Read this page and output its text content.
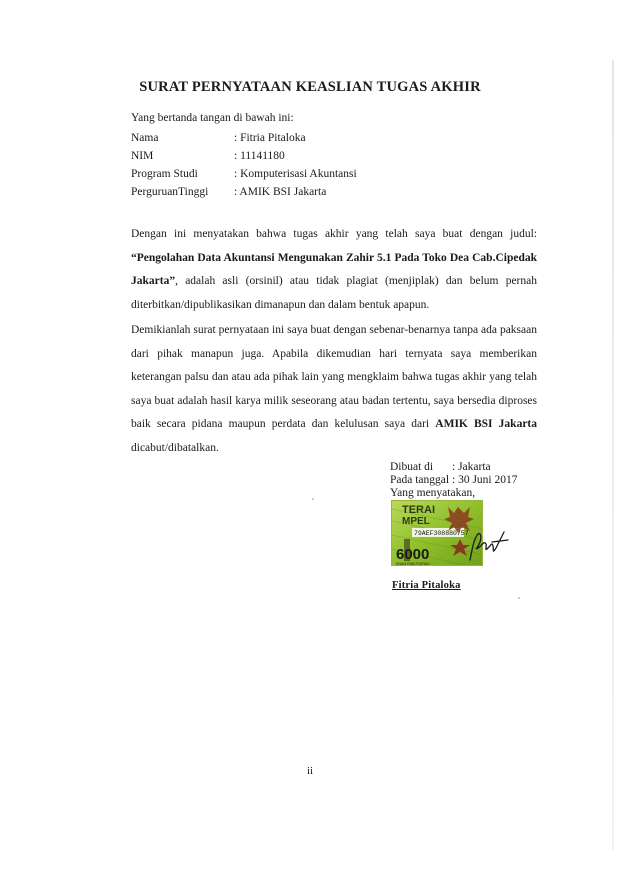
SURAT PERNYATAAN KEASLIAN TUGAS AKHIR
Yang bertanda tangan di bawah ini:
Nama	: Fitria Pitaloka
NIM	: 11141180
Program Studi	: Komputerisasi Akuntansi
PerguruanTinggi : AMIK BSI Jakarta

Dengan ini menyatakan bahwa tugas akhir yang telah saya buat dengan judul: “Pengolahan Data Akuntansi Mengunakan Zahir 5.1 Pada Toko Dea Cab.Cipedak Jakarta”, adalah asli (orsinil) atau tidak plagiat (menjiplak) dan belum pernah diterbitkan/dipublikasikan dimanapun dan dalam bentuk apapun.

Demikianlah surat pernyataan ini saya buat dengan sebenar-benarnya tanpa ada paksaan dari pihak manapun juga. Apabila dikemudian hari ternyata saya memberikan keterangan palsu dan atau ada pihak lain yang mengklaim bahwa tugas akhir yang telah saya buat adalah hasil karya milik seseorang atau badan tertentu, saya bersedia diproses baik secara pidana maupun perdata dan kelulusan saya dari AMIK BSI Jakarta dicabut/dibatalkan.

Dibuat di : Jakarta
Pada tanggal : 30 Juni 2017
Yang menyatakan,
TERAI
MPEL
79AEF308880757
6000
ENAM RIBU RUPIAH
Fitria Pitaloka
ii
